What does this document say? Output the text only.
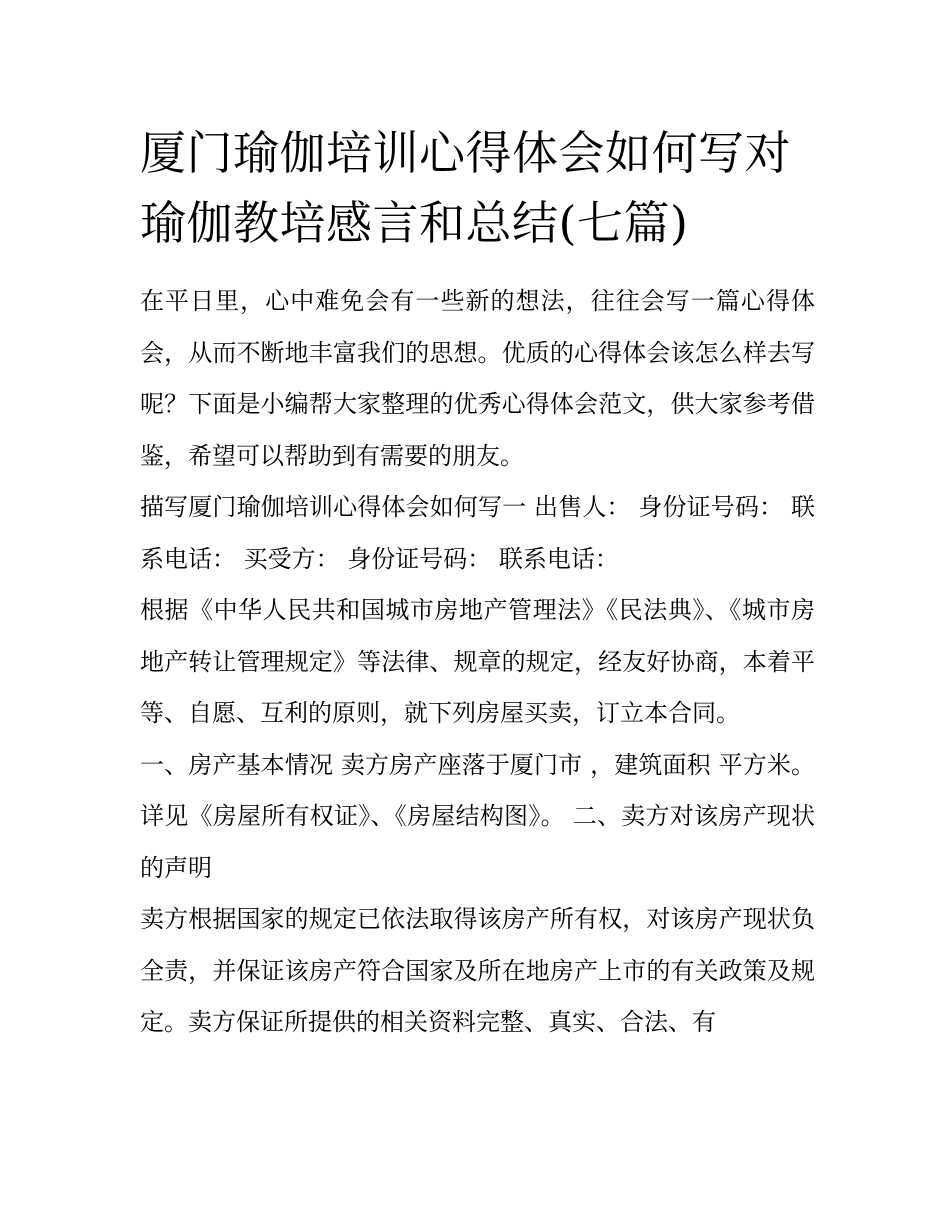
厦门瑜伽培训心得体会如何写对瑜伽教培感言和总结(七篇)

在平日里，心中难免会有一些新的想法，往往会写一篇心得体会，从而不断地丰富我们的思想。优质的心得体会该怎么样去写呢？下面是小编帮大家整理的优秀心得体会范文，供大家参考借鉴，希望可以帮助到有需要的朋友。

描写厦门瑜伽培训心得体会如何写一 出售人： 身份证号码： 联系电话： 买受方： 身份证号码： 联系电话：

根据《中华人民共和国城市房地产管理法》《民法典》、《城市房地产转让管理规定》等法律、规章的规定，经友好协商，本着平等、自愿、互利的原则，就下列房屋买卖，订立本合同。

一、房产基本情况 卖方房产座落于厦门市 ，建筑面积 平方米。详见《房屋所有权证》、《房屋结构图》。 二、卖方对该房产现状的声明

卖方根据国家的规定已依法取得该房产所有权，对该房产现状负全责，并保证该房产符合国家及所在地房产上市的有关政策及规定。卖方保证所提供的相关资料完整、真实、合法、有
